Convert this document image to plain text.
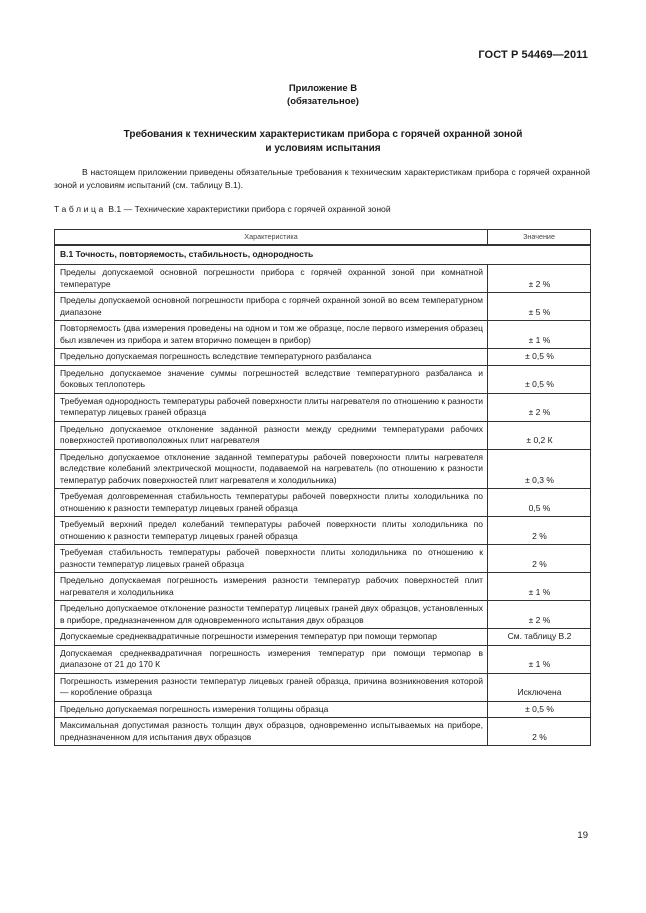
ГОСТ Р 54469—2011
Приложение В
(обязательное)
Требования к техническим характеристикам прибора с горячей охранной зоной
и условиям испытания

В настоящем приложении приведены обязательные требования к техническим характеристикам прибора с горячей охранной зоной и условиям испытаний (см. таблицу В.1).

Таблица В.1 — Технические характеристики прибора с горячей охранной зоной
Характеристика	Значение
В.1 Точность, повторяемость, стабильность, однородность	
Пределы допускаемой основной погрешности прибора с горячей охранной зоной при комнатной температуре	± 2 %
Пределы допускаемой основной погрешности прибора с горячей охранной зоной во всем температурном диапазоне	± 5 %
Повторяемость (два измерения проведены на одном и том же образце, после первого измерения образец был извлечен из прибора и затем вторично помещен в прибор)	± 1 %
Предельно допускаемая погрешность вследствие температурного разбаланса	± 0,5 %
Предельно допускаемое значение суммы погрешностей вследствие температурного разбаланса и боковых теплопотерь	± 0,5 %
Требуемая однородность температуры рабочей поверхности плиты нагревателя по отношению к разности температур лицевых граней образца	± 2 %
Предельно допускаемое отклонение заданной разности между средними температурами рабочих поверхностей противоположных плит нагревателя	± 0,2 К
Предельно допускаемое отклонение заданной температуры рабочей поверхности плиты нагревателя вследствие колебаний электрической мощности, подаваемой на нагреватель (по отношению к разности температур рабочих поверхностей плит нагревателя и холодильника)	± 0,3 %
Требуемая долговременная стабильность температуры рабочей поверхности плиты холодильника по отношению к разности температур лицевых граней образца	0,5 %
Требуемый верхний предел колебаний температуры рабочей поверхности плиты холодильника по отношению к разности температур лицевых граней образца	2 %
Требуемая стабильность температуры рабочей поверхности плиты холодильника по отношению к разности температур лицевых граней образца	2 %
Предельно допускаемая погрешность измерения разности температур рабочих поверхностей плит нагревателя и холодильника	± 1 %
Предельно допускаемое отклонение разности температур лицевых граней двух образцов, установленных в приборе, предназначенном для одновременного испытания двух образцов	± 2 %
Допускаемые среднеквадратичные погрешности измерения температур при помощи термопар	См. таблицу В.2
Допускаемая среднеквадратичная погрешность измерения температур при помощи термопар в диапазоне от 21 до 170 К	± 1 %
Погрешность измерения разности температур лицевых граней образца, причина возникновения которой — коробление образца	Исключена
Предельно допускаемая погрешность измерения толщины образца	± 0,5 %
Максимальная допустимая разность толщин двух образцов, одновременно испытываемых на приборе, предназначенном для испытания двух образцов	2 %
19
